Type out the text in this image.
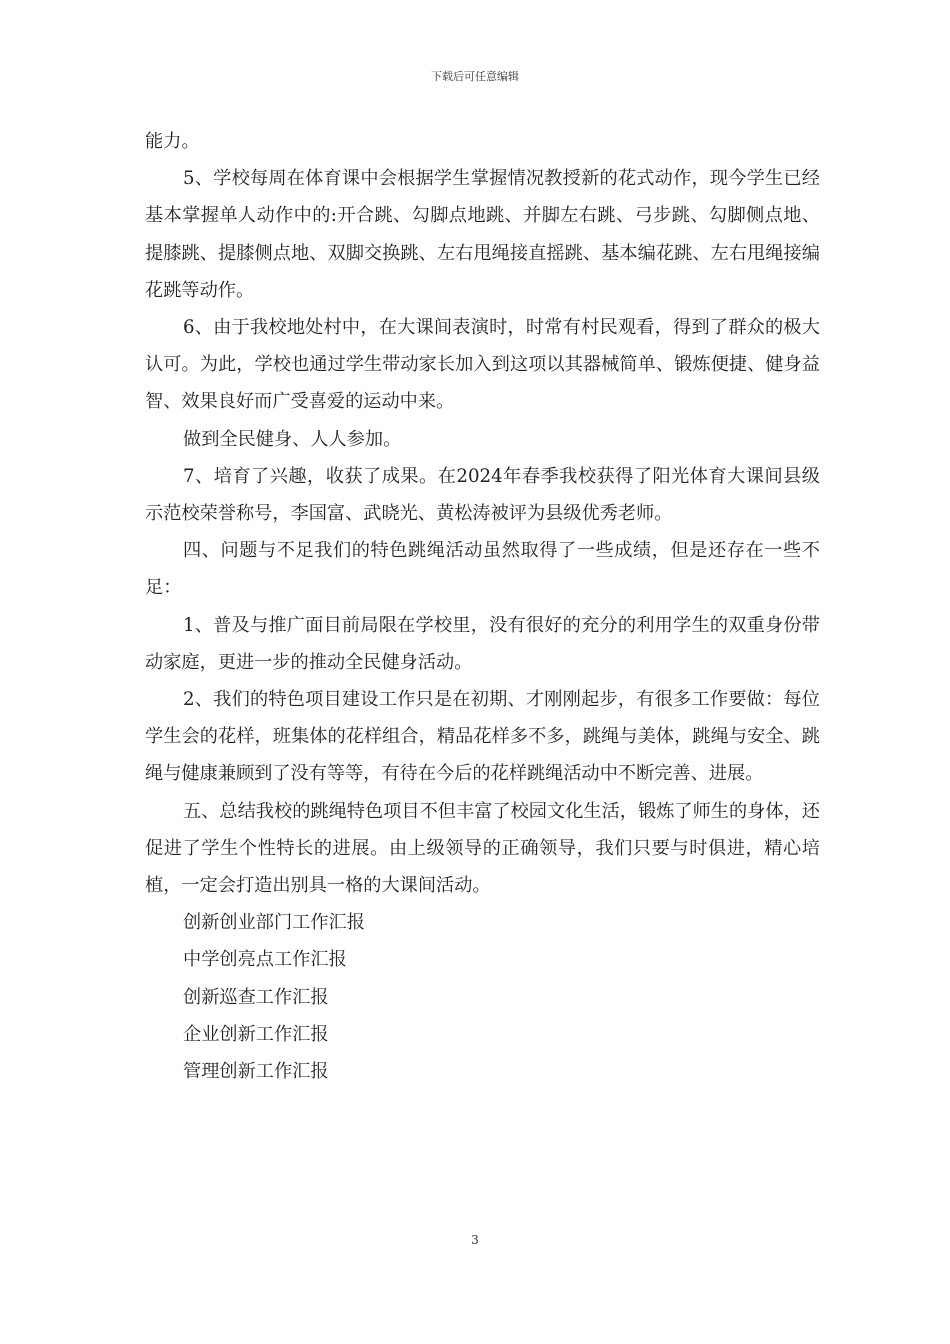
下载后可任意编辑

能力。

5、学校每周在体育课中会根据学生掌握情况教授新的花式动作，现今学生已经基本掌握单人动作中的:开合跳、勾脚点地跳、并脚左右跳、弓步跳、勾脚侧点地、提膝跳、提膝侧点地、双脚交换跳、左右甩绳接直摇跳、基本编花跳、左右甩绳接编花跳等动作。

6、由于我校地处村中，在大课间表演时，时常有村民观看，得到了群众的极大认可。为此，学校也通过学生带动家长加入到这项以其器械简单、锻炼便捷、健身益智、效果良好而广受喜爱的运动中来。

做到全民健身、人人参加。

7、培育了兴趣，收获了成果。在2024年春季我校获得了阳光体育大课间县级示范校荣誉称号，李国富、武晓光、黄松涛被评为县级优秀老师。

四、问题与不足我们的特色跳绳活动虽然取得了一些成绩，但是还存在一些不足：

1、普及与推广面目前局限在学校里，没有很好的充分的利用学生的双重身份带动家庭，更进一步的推动全民健身活动。

2、我们的特色项目建设工作只是在初期、才刚刚起步，有很多工作要做：每位学生会的花样，班集体的花样组合，精品花样多不多，跳绳与美体，跳绳与安全、跳绳与健康兼顾到了没有等等，有待在今后的花样跳绳活动中不断完善、进展。

五、总结我校的跳绳特色项目不但丰富了校园文化生活，锻炼了师生的身体，还促进了学生个性特长的进展。由上级领导的正确领导，我们只要与时俱进，精心培植，一定会打造出别具一格的大课间活动。

创新创业部门工作汇报

中学创亮点工作汇报

创新巡查工作汇报

企业创新工作汇报

管理创新工作汇报

3
